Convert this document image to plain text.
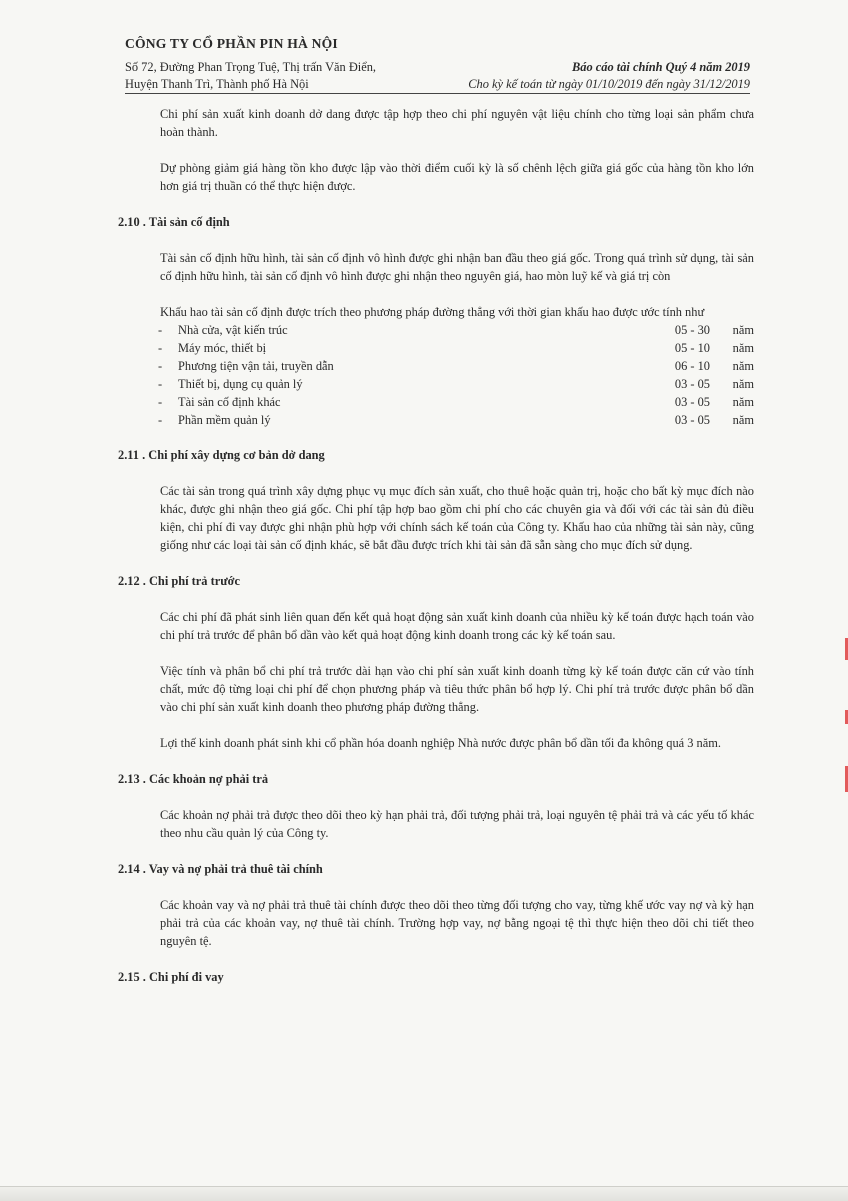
CÔNG TY CỔ PHẦN PIN HÀ NỘI
Số 72, Đường Phan Trọng Tuệ, Thị trấn Văn Điển,	Báo cáo tài chính Quý 4 năm 2019
Huyện Thanh Trì, Thành phố Hà Nội	Cho kỳ kế toán từ ngày 01/10/2019 đến ngày 31/12/2019

Chi phí sản xuất kinh doanh dở dang được tập hợp theo chi phí nguyên vật liệu chính cho từng loại sản phẩm chưa hoàn thành.

Dự phòng giảm giá hàng tồn kho được lập vào thời điểm cuối kỳ là số chênh lệch giữa giá gốc của hàng tồn kho lớn hơn giá trị thuần có thể thực hiện được.

2.10 . Tài sản cố định

Tài sản cố định hữu hình, tài sản cố định vô hình được ghi nhận ban đầu theo giá gốc. Trong quá trình sử dụng, tài sản cố định hữu hình, tài sản cố định vô hình được ghi nhận theo nguyên giá, hao mòn luỹ kế và giá trị còn

Khấu hao tài sản cố định được trích theo phương pháp đường thẳng với thời gian khấu hao được ước tính như

-	Nhà cửa, vật kiến trúc	05 - 30	năm
-	Máy móc, thiết bị	05 - 10	năm
-	Phương tiện vận tải, truyền dẫn	06 - 10	năm
-	Thiết bị, dụng cụ quản lý	03 - 05	năm
-	Tài sản cố định khác	03 - 05	năm
-	Phần mềm quản lý	03 - 05	năm

2.11 . Chi phí xây dựng cơ bản dở dang

Các tài sản trong quá trình xây dựng phục vụ mục đích sản xuất, cho thuê hoặc quản trị, hoặc cho bất kỳ mục đích nào khác, được ghi nhận theo giá gốc. Chi phí tập hợp bao gồm chi phí cho các chuyên gia và đối với các tài sản đủ điều kiện, chi phí đi vay được ghi nhận phù hợp với chính sách kế toán của Công ty. Khấu hao của những tài sản này, cũng giống như các loại tài sản cố định khác, sẽ bắt đầu được trích khi tài sản đã sẵn sàng cho mục đích sử dụng.

2.12 . Chi phí trả trước

Các chi phí đã phát sinh liên quan đến kết quả hoạt động sản xuất kinh doanh của nhiều kỳ kế toán được hạch toán vào chi phí trả trước để phân bổ dần vào kết quả hoạt động kinh doanh trong các kỳ kế toán sau.

Việc tính và phân bổ chi phí trả trước dài hạn vào chi phí sản xuất kinh doanh từng kỳ kế toán được căn cứ vào tính chất, mức độ từng loại chi phí để chọn phương pháp và tiêu thức phân bổ hợp lý. Chi phí trả trước được phân bổ dần vào chi phí sản xuất kinh doanh theo phương pháp đường thẳng.

Lợi thế kinh doanh phát sinh khi cổ phần hóa doanh nghiệp Nhà nước được phân bổ dần tối đa không quá 3 năm.

2.13 . Các khoản nợ phải trả

Các khoản nợ phải trả được theo dõi theo kỳ hạn phải trả, đối tượng phải trả, loại nguyên tệ phải trả và các yếu tố khác theo nhu cầu quản lý của Công ty.

2.14 . Vay và nợ phải trả thuê tài chính

Các khoản vay và nợ phải trả thuê tài chính được theo dõi theo từng đối tượng cho vay, từng khế ước vay nợ và kỳ hạn phải trả của các khoản vay, nợ thuê tài chính. Trường hợp vay, nợ bằng ngoại tệ thì thực hiện theo dõi chi tiết theo nguyên tệ.

2.15 . Chi phí đi vay
